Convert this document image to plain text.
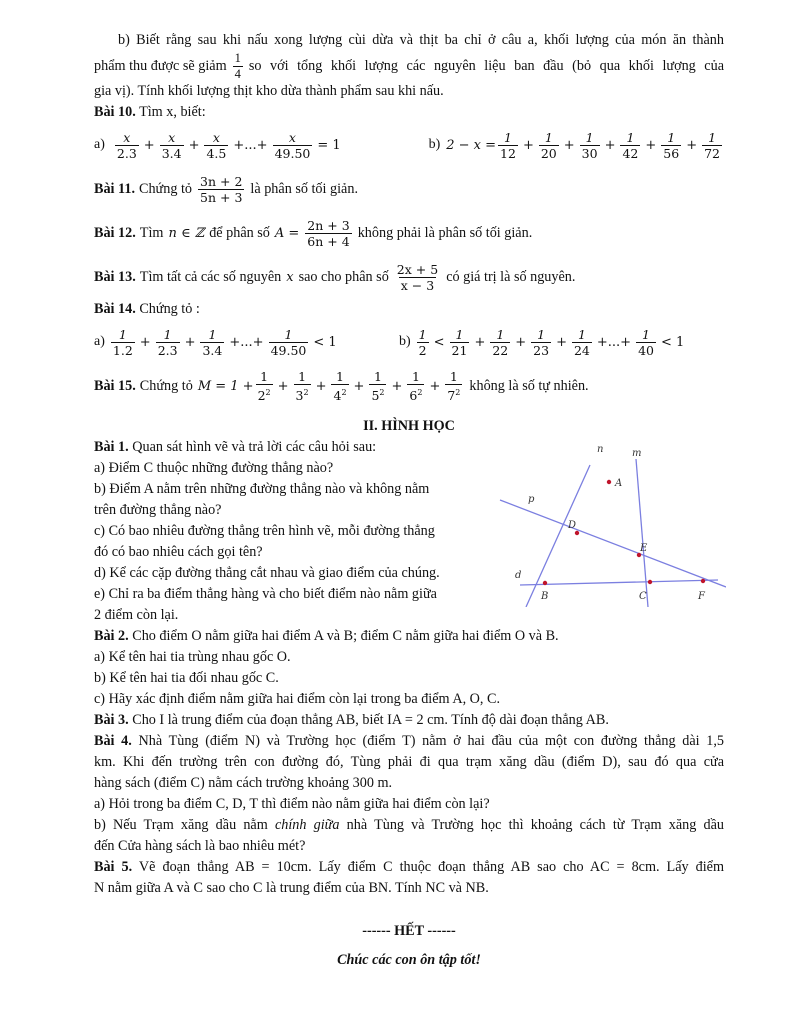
b) Biết rằng sau khi nấu xong lượng cùi dừa và thịt ba chỉ ở câu a, khối lượng của món ăn thành
phẩm thu được sẽ giảm $\frac{1}{4}$ so với tổng khối lượng các nguyên liệu ban đầu (bỏ qua khối lượng của
gia vị). Tính khối lượng thịt kho dừa thành phẩm sau khi nấu.
Bài 10. Tìm x, biết:
$a) \frac{x}{2.3} + \frac{x}{3.4} + \frac{x}{4.5}$ +...+ $\frac{x}{49.50} = 1$	b) $2 - x = \frac{1}{12} + \frac{1}{20} + \frac{1}{30} + \frac{1}{42} + \frac{1}{56} + \frac{1}{72}$
Bài 11. Chứng tỏ $\frac{3n + 2}{5n + 3}$ là phân số tối giản.
Bài 12. Tìm n ∈ ℤ để phân số $A = \frac{2n + 3}{6n + 4}$ không phải là phân số tối giản.
Bài 13. Tìm tất cả các số nguyên x sao cho phân số $\frac{2x + 5}{x - 3}$ có giá trị là số nguyên.
Bài 14. Chứng tỏ :
$a) \frac{1}{1.2} + \frac{1}{2.3} + \frac{1}{3.4}$ +...+ $\frac{1}{49.50} < 1$	$b) \frac{1}{2} < \frac{1}{21} + \frac{1}{22} + \frac{1}{23} + \frac{1}{24}$ +...+ $\frac{1}{40} < 1$
Bài 15. Chứng tỏ $M = 1 + \frac{1}{2^2} + \frac{1}{3^2} + \frac{1}{4^2} + \frac{1}{5^2} + \frac{1}{6^2} + \frac{1}{7^2}$ không là số tự nhiên.
II. HÌNH HỌC
Bài 1. Quan sát hình vẽ và trả lời các câu hỏi sau:
a) Điểm C thuộc những đường thẳng nào?
b) Điểm A nằm trên những đường thẳng nào và không nằm
trên đường thẳng nào?
c) Có bao nhiêu đường thẳng trên hình vẽ, mỗi đường thẳng
đó có bao nhiêu cách gọi tên?
d) Kể các cặp đường thẳng cắt nhau và giao điểm của chúng.
e) Chỉ ra ba điểm thẳng hàng và cho biết điểm nào nằm giữa
2 điểm còn lại.
n	m
A
p
D
E
d
B	C	F
Bài 2. Cho điểm O nằm giữa hai điểm A và B; điểm C nằm giữa hai điểm O và B.
a) Kể tên hai tia trùng nhau gốc O.
b) Kể tên hai tia đối nhau gốc C.
c) Hãy xác định điểm nằm giữa hai điểm còn lại trong ba điểm A, O, C.
Bài 3. Cho I là trung điểm của đoạn thẳng AB, biết IA = 2 cm. Tính độ dài đoạn thẳng AB.
Bài 4. Nhà Tùng (điểm N) và Trường học (điểm T) nằm ở hai đầu của một con đường thẳng dài 1,5
km. Khi đến trường trên con đường đó, Tùng phải đi qua trạm xăng dầu (điểm D), sau đó qua cửa
hàng sách (điểm C) nằm cách trường khoảng 300 m.
a) Hỏi trong ba điểm C, D, T thì điểm nào nằm giữa hai điểm còn lại?
b) Nếu Trạm xăng dầu nằm chính giữa nhà Tùng và Trường học thì khoảng cách từ Trạm xăng dầu
đến Cửa hàng sách là bao nhiêu mét?
Bài 5. Vẽ đoạn thẳng AB = 10cm. Lấy điểm C thuộc đoạn thẳng AB sao cho AC = 8cm. Lấy điểm
N nằm giữa A và C sao cho C là trung điểm của BN. Tính NC và NB.
------ HẾT ------
Chúc các con ôn tập tốt!
